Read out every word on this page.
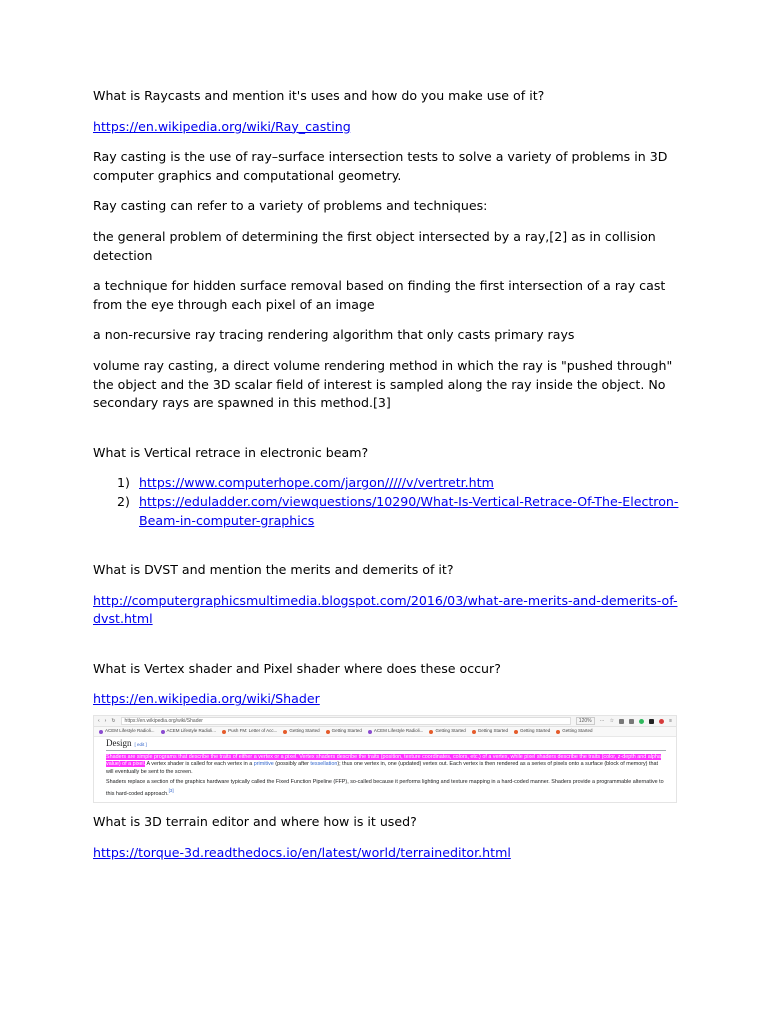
What is Raycasts and mention it's uses and how do you make use of it?

https://en.wikipedia.org/wiki/Ray_casting

Ray casting is the use of ray–surface intersection tests to solve a variety of problems in 3D computer graphics and computational geometry.

Ray casting can refer to a variety of problems and techniques:

the general problem of determining the first object intersected by a ray,[2] as in collision detection

a technique for hidden surface removal based on finding the first intersection of a ray cast from the eye through each pixel of an image

a non-recursive ray tracing rendering algorithm that only casts primary rays

volume ray casting, a direct volume rendering method in which the ray is "pushed through" the object and the 3D scalar field of interest is sampled along the ray inside the object. No secondary rays are spawned in this method.[3]

What is Vertical retrace in electronic beam?

1) https://www.computerhope.com/jargon/////v/vertretr.htm
2) https://eduladder.com/viewquestions/10290/What-Is-Vertical-Retrace-Of-The-Electron-Beam-in-computer-graphics

What is DVST and mention the merits and demerits of it?

http://computergraphicsmultimedia.blogspot.com/2016/03/what-are-merits-and-demerits-of-dvst.html

What is Vertex shader and Pixel shader where does these occur?

https://en.wikipedia.org/wiki/Shader

‹ › ↻	https://en.wikipedia.org/wiki/Shader	120%	··· ☆	≡
ACEM Lifestyle Radioli...	ACEM Lifestyle Radioli...	Push FM: Letter of Acc...	Getting Started	Getting Started	ACEM Lifestyle Radioli...	Getting Started	Getting Started	Getting Started	Getting Started
Design [ edit ]

Shaders are simple programs that describe the traits of either a vertex or a pixel. Vertex shaders describe the traits (position, texture coordinates, colors, etc.) of a vertex, while pixel shaders describe the traits (color, z-depth and alpha value) of a pixel. A vertex shader is called for each vertex in a primitive (possibly after tessellation); thus one vertex in, one (updated) vertex out. Each vertex is then rendered as a series of pixels onto a surface (block of memory) that will eventually be sent to the screen.

Shaders replace a section of the graphics hardware typically called the Fixed Function Pipeline (FFP), so-called because it performs lighting and texture mapping in a hard-coded manner. Shaders provide a programmable alternative to this hard-coded approach.[3]

What is 3D terrain editor and where how is it used?

https://torque-3d.readthedocs.io/en/latest/world/terraineditor.html
